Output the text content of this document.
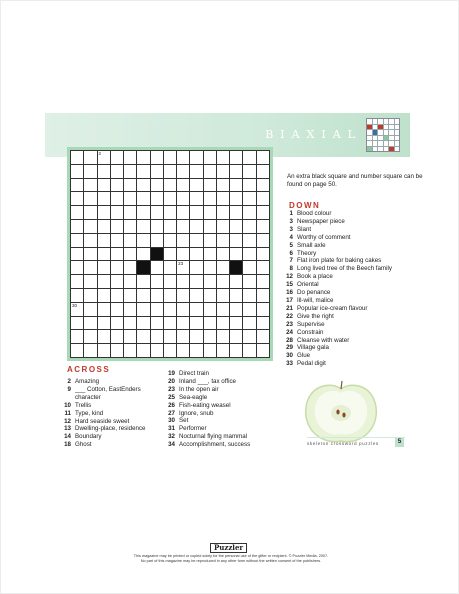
BIAXIAL
2
23
30
An extra black square and number square can be found on page 50.
DOWN
1 Blood colour
3 Newspaper piece
3 Slant
4 Worthy of comment
5 Small axle
6 Theory
7 Flat iron plate for baking cakes
8 Long lived tree of the Beech family
12 Book a place
15 Oriental
16 Do penance
17 Ill-will, malice
21 Popular ice-cream flavour
22 Give the right
23 Supervise
24 Constrain
28 Cleanse with water
29 Village gala
30 Glue
33 Pedal digit
ACROSS
2 Amazing
9 ___ Cotton, EastEnders
character
10 Trellis
11 Type, kind
12 Hard seaside sweet
13 Dwelling-place, residence
14 Boundary
18 Ghost
19 Direct train
20 Inland ___, tax office
23 In the open air
25 Sea-eagle
26 Fish-eating weasel
27 Ignore, snub
30 Set
31 Performer
32 Nocturnal flying mammal
34 Accomplishment, success	skeleton crossword puzzles	5
Puzzler
This magazine may be printed or copied solely for the personal use of the gifter or recipient. © Puzzler Media, 2007. No part of this magazine may be reproduced in any other form without the written consent of the publishers.
